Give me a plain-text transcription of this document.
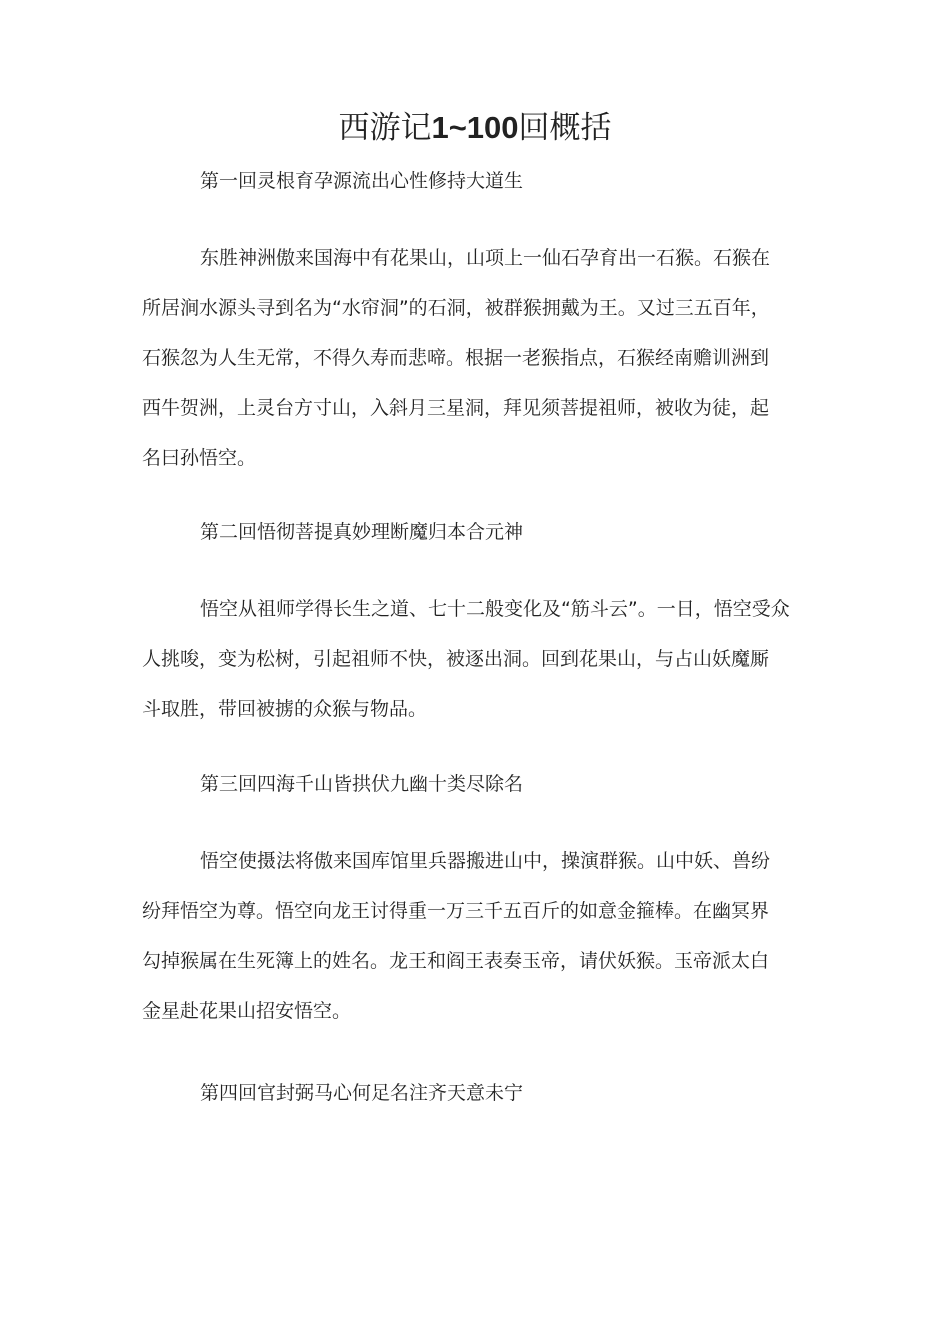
西游记1~100回概括
第一回灵根育孕源流出心性修持大道生
东胜神洲傲来国海中有花果山，山项上一仙石孕育出一石猴。石猴在
所居涧水源头寻到名为“水帘洞”的石洞，被群猴拥戴为王。又过三五百年，
石猴忽为人生无常，不得久寿而悲啼。根据一老猴指点，石猴经南赡训洲到
西牛贺洲，上灵台方寸山，入斜月三星洞，拜见须菩提祖师，被收为徒，起
名曰孙悟空。
第二回悟彻菩提真妙理断魔归本合元神
悟空从祖师学得长生之道、七十二般变化及“筋斗云”。一日，悟空受众
人挑唆，变为松树，引起祖师不快，被逐出洞。回到花果山，与占山妖魔厮
斗取胜，带回被掳的众猴与物品。
第三回四海千山皆拱伏九幽十类尽除名
悟空使摄法将傲来国库馆里兵器搬进山中，操演群猴。山中妖、兽纷
纷拜悟空为尊。悟空向龙王讨得重一万三千五百斤的如意金箍棒。在幽冥界
勾掉猴属在生死簿上的姓名。龙王和阎王表奏玉帝，请伏妖猴。玉帝派太白
金星赴花果山招安悟空。
第四回官封弼马心何足名注齐天意未宁
